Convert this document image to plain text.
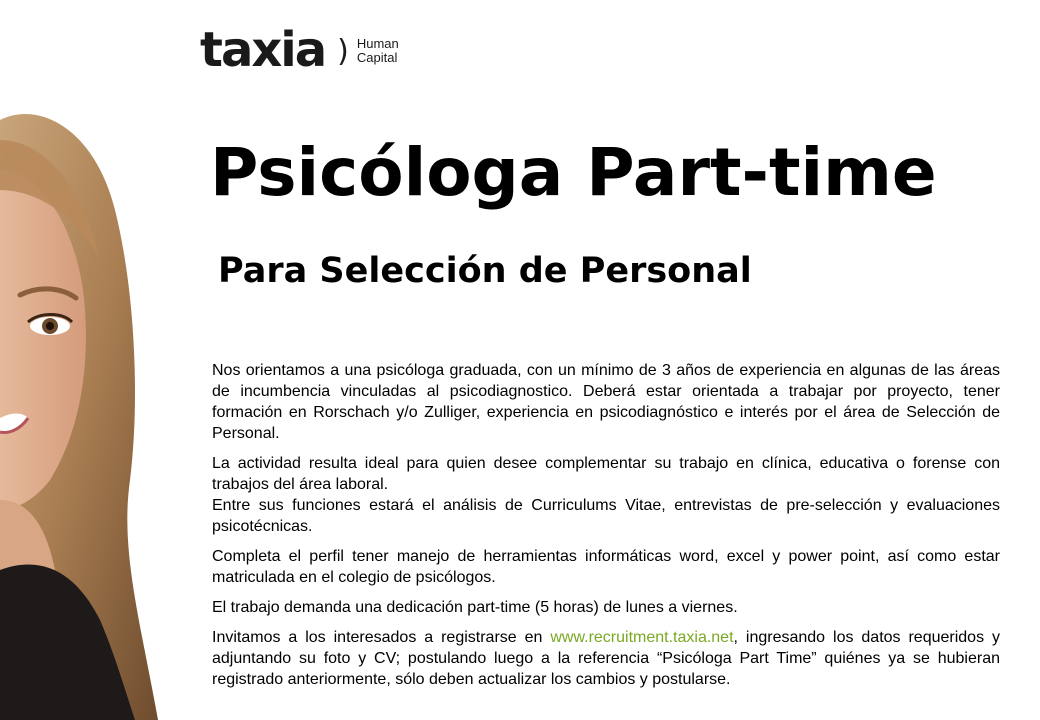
taxia ) Human
Capital
Psicóloga Part-time
Para Selección de Personal

Nos orientamos a una psicóloga graduada, con un mínimo de 3 años de experiencia en algunas de las áreas de incumbencia vinculadas al psicodiagnostico. Deberá estar orientada a trabajar por proyecto, tener formación en Rorschach y/o Zulliger, experiencia en psicodiagnóstico e interés por el área de Selección de Personal.

La actividad resulta ideal para quien desee complementar su trabajo en clínica, educativa o forense con trabajos del área laboral.

Entre sus funciones estará el análisis de Curriculums Vitae, entrevistas de pre-selección y evaluaciones psicotécnicas.

Completa el perfil tener manejo de herramientas informáticas word, excel y power point, así como estar matriculada en el colegio de psicólogos.

El trabajo demanda una dedicación part-time (5 horas) de lunes a viernes.

Invitamos a los interesados a registrarse en www.recruitment.taxia.net, ingresando los datos requeridos y adjuntando su foto y CV; postulando luego a la referencia “Psicóloga Part Time” quiénes ya se hubieran registrado anteriormente, sólo deben actualizar los cambios y postularse.
